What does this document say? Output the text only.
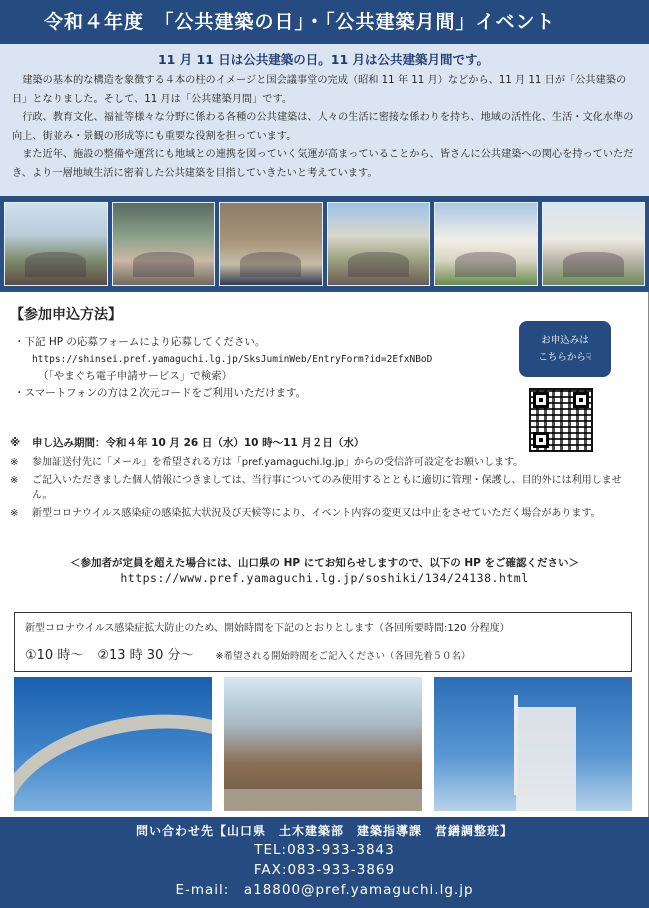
令和４年度　「公共建築の日」・「公共建築月間」イベント
11 月 11 日は公共建築の日。11 月は公共建築月間です。

建築の基本的な構造を象徴する４本の柱のイメージと国会議事堂の完成（昭和 11 年 11 月）などから、11 月 11 日が「公共建築の日」となりました。そして、11 月は「公共建築月間」です。

行政、教育文化、福祉等様々な分野に係わる各種の公共建築は、人々の生活に密接な係わりを持ち、地域の活性化、生活・文化水準の向上、街並み・景観の形成等にも重要な役割を担っています。

また近年、施設の整備や運営にも地域との連携を図っていく気運が高まっていることから、皆さんに公共建築への関心を持っていただき、より一層地域生活に密着した公共建築を目指していきたいと考えています。

【参加申込方法】
・下記 HP の応募フォームにより応募してください。
https://shinsei.pref.yamaguchi.lg.jp/SksJuminWeb/EntryForm?id=2EfxNBoD
（「やまぐち電子申請サービス」で検索）
・スマートフォンの方は２次元コードをご利用いただけます。
お申込みは
こちらから☟
※	申し込み期間：令和４年 10 月 26 日（水）10 時～11 月２日（水）
※	参加証送付先に「メール」を希望される方は「pref.yamaguchi.lg.jp」からの受信許可設定をお願いします。
※	ご記入いただきました個人情報につきましては、当行事についてのみ使用するとともに適切に管理・保護し、目的外には利用しません。
※	新型コロナウイルス感染症の感染拡大状況及び天候等により、イベント内容の変更又は中止をさせていただく場合があります。
＜参加者が定員を超えた場合には、山口県の HP にてお知らせしますので、以下の HP をご確認ください＞
https://www.pref.yamaguchi.lg.jp/soshiki/134/24138.html
新型コロナウイルス感染症拡大防止のため、開始時間を下記のとおりとします（各回所要時間:120 分程度）
①10 時～ ②13 時 30 分～ ※希望される開始時間をご記入ください（各回先着５０名）
問い合わせ先【山口県　土木建築部　建築指導課　営繕調整班】
TEL:083-933-3843
FAX:083-933-3869
E-mail:　a18800@pref.yamaguchi.lg.jp
